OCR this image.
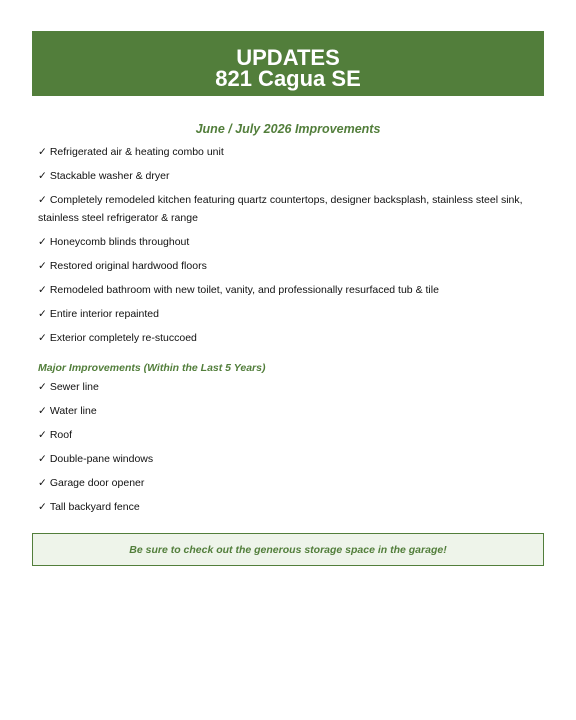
UPDATES
821 Cagua SE
June / July 2026 Improvements
✓ Refrigerated air & heating combo unit
✓ Stackable washer & dryer
✓ Completely remodeled kitchen featuring quartz countertops, designer backsplash, stainless steel sink, stainless steel refrigerator & range
✓ Honeycomb blinds throughout
✓ Restored original hardwood floors
✓ Remodeled bathroom with new toilet, vanity, and professionally resurfaced tub & tile
✓ Entire interior repainted
✓ Exterior completely re-stuccoed
Major Improvements (Within the Last 5 Years)
✓ Sewer line
✓ Water line
✓ Roof
✓ Double-pane windows
✓ Garage door opener
✓ Tall backyard fence
Be sure to check out the generous storage space in the garage!
